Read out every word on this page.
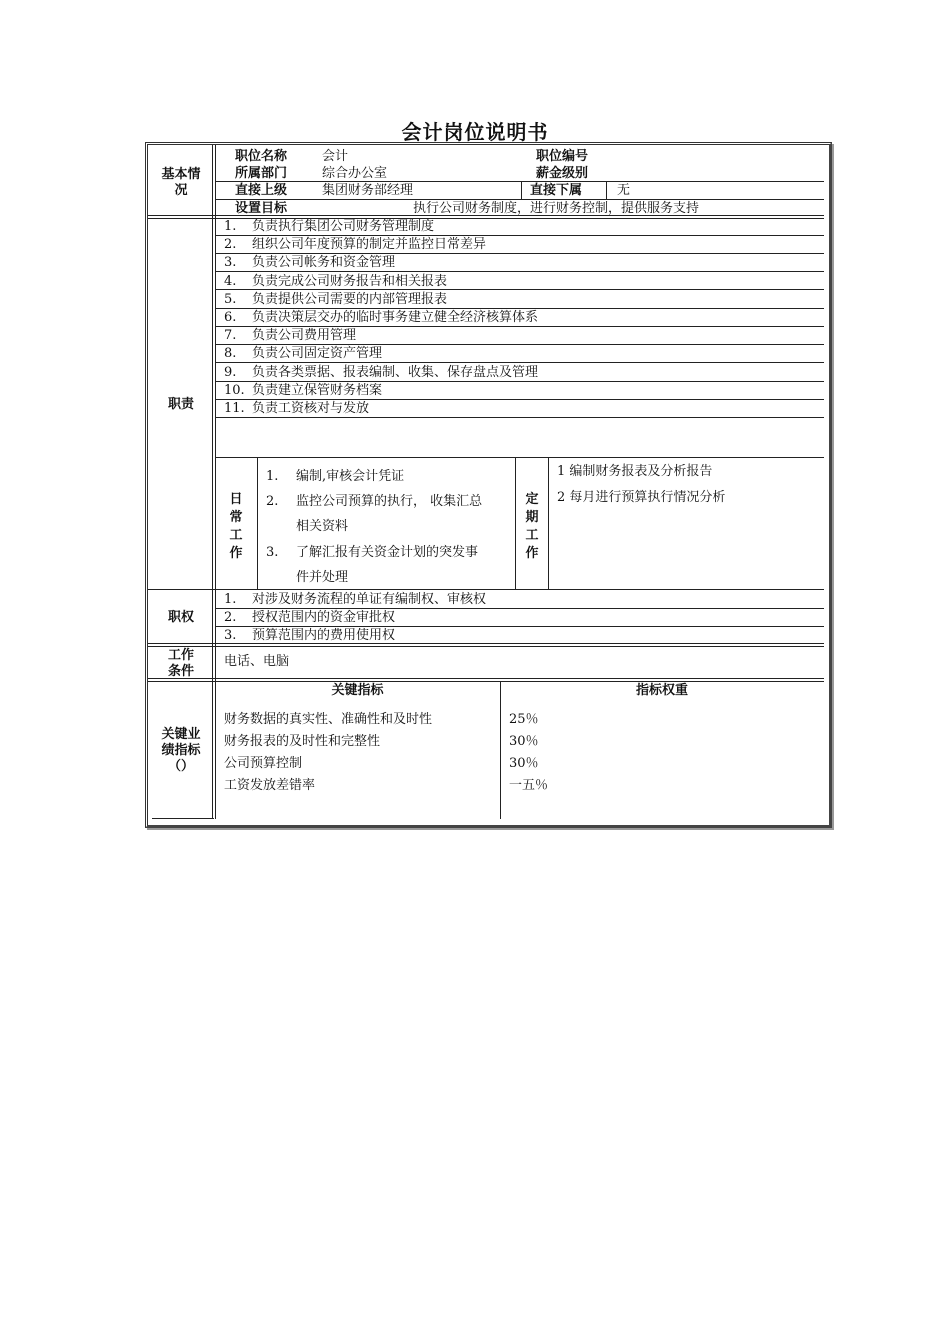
会计岗位说明书
基本情
况
职位名称	会计	职位编号
所属部门	综合办公室	薪金级别
直接上级	集团财务部经理	直接下属	无
设置目标	执行公司财务制度，进行财务控制，提供服务支持
职责
1. 负责执行集团公司财务管理制度
2. 组织公司年度预算的制定并监控日常差异
3. 负责公司帐务和资金管理
4. 负责完成公司财务报告和相关报表
5. 负责提供公司需要的内部管理报表
6. 负责决策层交办的临时事务建立健全经济核算体系
7. 负责公司费用管理
8. 负责公司固定资产管理
9. 负责各类票据、报表编制、收集、保存盘点及管理
10. 负责建立保管财务档案
11. 负责工资核对与发放
日
常
工
作
1. 编制,审核会计凭证
2. 监控公司预算的执行， 收集汇总
相关资料
3. 了解汇报有关资金计划的突发事
件并处理
定
期
工
作
1 编制财务报表及分析报告
2 每月进行预算执行情况分析
职权
1. 对涉及财务流程的单证有编制权、审核权
2. 授权范围内的资金审批权
3. 预算范围内的费用使用权
工作
条件
电话、电脑
关键业
绩指标
（）
关键指标	指标权重
财务数据的真实性、准确性和及时性	25％
财务报表的及时性和完整性	30％
公司预算控制	30％
工资发放差错率	一五％
